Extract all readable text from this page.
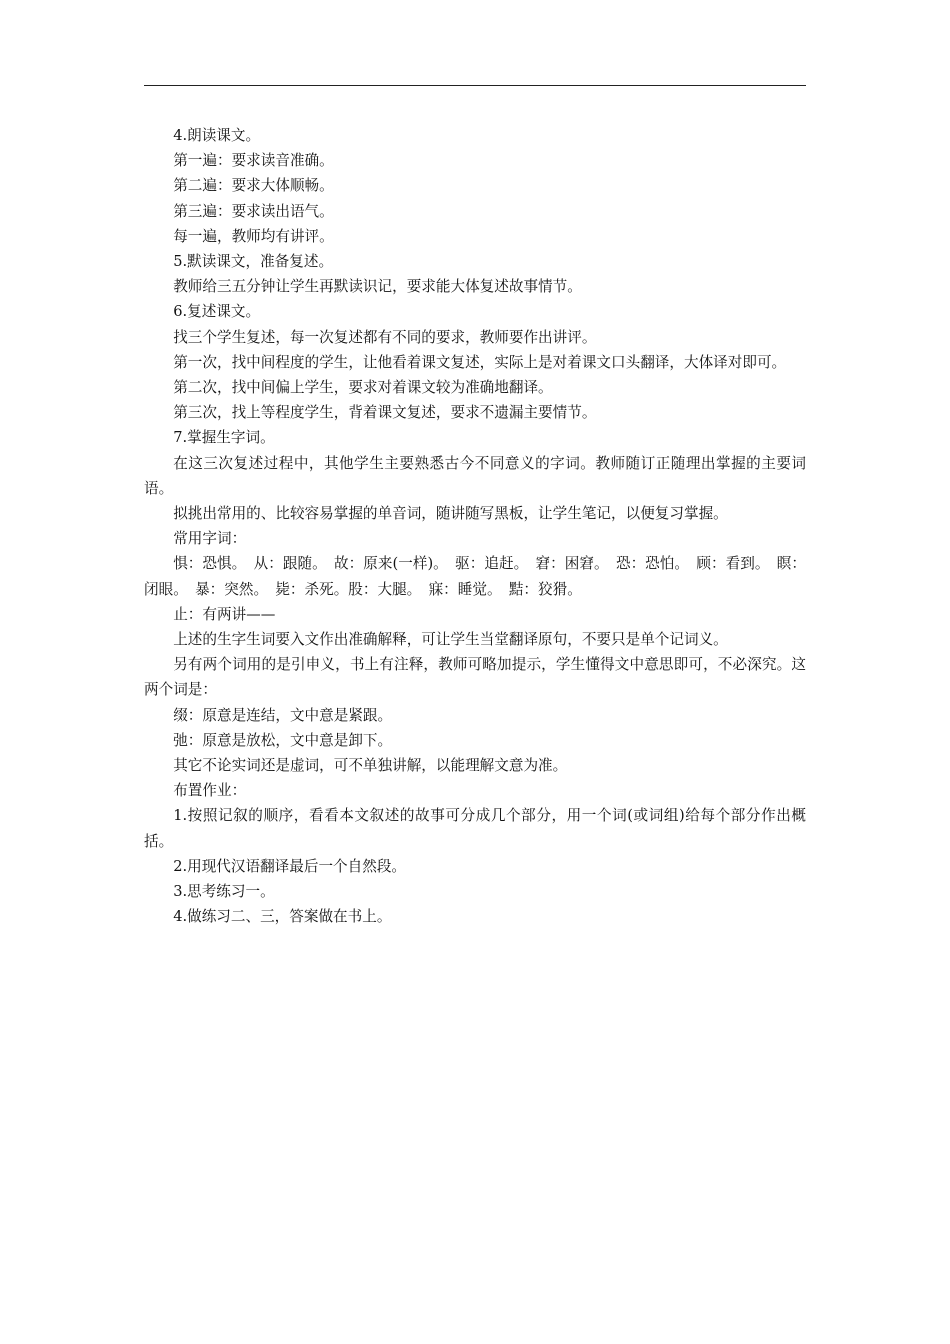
4.朗读课文。

第一遍：要求读音准确。

第二遍：要求大体顺畅。

第三遍：要求读出语气。

每一遍，教师均有讲评。

5.默读课文，准备复述。

教师给三五分钟让学生再默读识记，要求能大体复述故事情节。

6.复述课文。

找三个学生复述，每一次复述都有不同的要求，教师要作出讲评。

第一次，找中间程度的学生，让他看着课文复述，实际上是对着课文口头翻译，大体译对即可。

第二次，找中间偏上学生，要求对着课文较为准确地翻译。

第三次，找上等程度学生，背着课文复述，要求不遗漏主要情节。

7.掌握生字词。

在这三次复述过程中，其他学生主要熟悉古今不同意义的字词。教师随订正随理出掌握的主要词语。

拟挑出常用的、比较容易掌握的单音词，随讲随写黑板，让学生笔记，以便复习掌握。

常用字词：

惧：恐惧。　从：跟随。　故：原来(一样)。　驱：追赶。　窘：困窘。　恐：恐怕。　顾：看到。　瞑：闭眼。　暴：突然。　毙：杀死。股：大腿。　寐：睡觉。　黠：狡猾。

止：有两讲——

上述的生字生词要入文作出准确解释，可让学生当堂翻译原句，不要只是单个记词义。

另有两个词用的是引申义，书上有注释，教师可略加提示，学生懂得文中意思即可，不必深究。这两个词是：

缀：原意是连结，文中意是紧跟。

弛：原意是放松，文中意是卸下。

其它不论实词还是虚词，可不单独讲解，以能理解文意为准。

布置作业：

1.按照记叙的顺序，看看本文叙述的故事可分成几个部分，用一个词(或词组)给每个部分作出概括。

2.用现代汉语翻译最后一个自然段。

3.思考练习一。

4.做练习二、三，答案做在书上。
